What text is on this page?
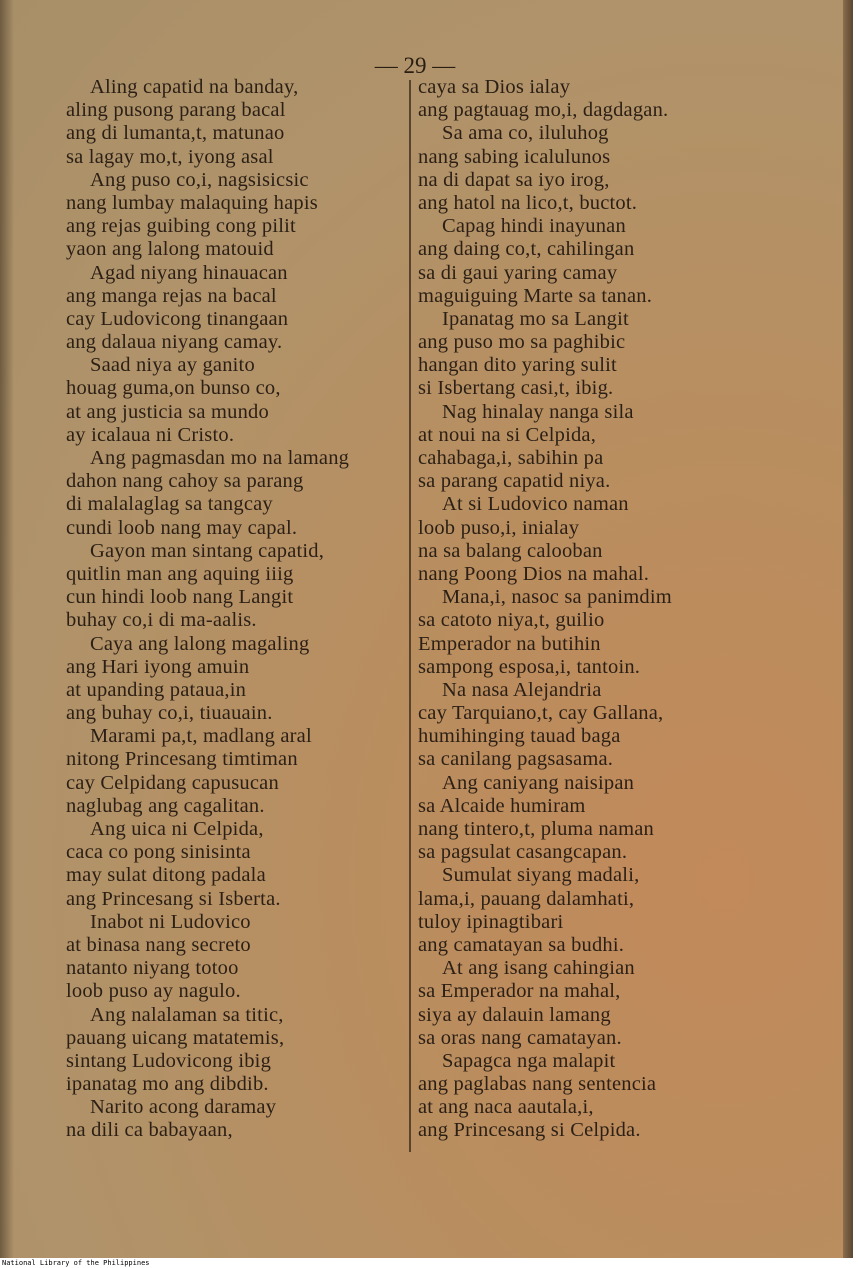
— 29 —
Aling capatid na banday,
aling pusong parang bacal
ang di lumanta,t, matunao
sa lagay mo,t, iyong asal
Ang puso co,i, nagsisicsic
nang lumbay malaquing hapis
ang rejas guibing cong pilit
yaon ang lalong matouid
Agad niyang hinauacan
ang manga rejas na bacal
cay Ludovicong tinangaan
ang dalaua niyang camay.
Saad niya ay ganito
houag guma,on bunso co,
at ang justicia sa mundo
ay icalaua ni Cristo.
Ang pagmasdan mo na lamang
dahon nang cahoy sa parang
di malalaglag sa tangcay
cundi loob nang may capal.
Gayon man sintang capatid,
quitlin man ang aquing iiig
cun hindi loob nang Langit
buhay co,i di ma-aalis.
Caya ang lalong magaling
ang Hari iyong amuin
at upanding pataua,in
ang buhay co,i, tiuauain.
Marami pa,t, madlang aral
nitong Princesang timtiman
cay Celpidang capusucan
naglubag ang cagalitan.
Ang uica ni Celpida,
caca co pong sinisinta
may sulat ditong padala
ang Princesang si Isberta.
Inabot ni Ludovico
at binasa nang secreto
natanto niyang totoo
loob puso ay nagulo.
Ang nalalaman sa titic,
pauang uicang matatemis,
sintang Ludovicong ibig
ipanatag mo ang dibdib.
Narito acong daramay
na dili ca babayaan,
caya sa Dios ialay
ang pagtauag mo,i, dagdagan.
Sa ama co, iluluhog
nang sabing icalulunos
na di dapat sa iyo irog,
ang hatol na lico,t, buctot.
Capag hindi inayunan
ang daing co,t, cahilingan
sa di gaui yaring camay
maguiguing Marte sa tanan.
Ipanatag mo sa Langit
ang puso mo sa paghibic
hangan dito yaring sulit
si Isbertang casi,t, ibig.
Nag hinalay nanga sila
at noui na si Celpida,
cahabaga,i, sabihin pa
sa parang capatid niya.
At si Ludovico naman
loob puso,i, inialay
na sa balang calooban
nang Poong Dios na mahal.
Mana,i, nasoc sa panimdim
sa catoto niya,t, guilio
Emperador na butihin
sampong esposa,i, tantoin.
Na nasa Alejandria
cay Tarquiano,t, cay Gallana,
humihinging tauad baga
sa canilang pagsasama.
Ang caniyang naisipan
sa Alcaide humiram
nang tintero,t, pluma naman
sa pagsulat casangcapan.
Sumulat siyang madali,
lama,i, pauang dalamhati,
tuloy ipinagtibari
ang camatayan sa budhi.
At ang isang cahingian
sa Emperador na mahal,
siya ay dalauin lamang
sa oras nang camatayan.
Sapagca nga malapit
ang paglabas nang sentencia
at ang naca aautala,i,
ang Princesang si Celpida.
National Library of the Philippines
